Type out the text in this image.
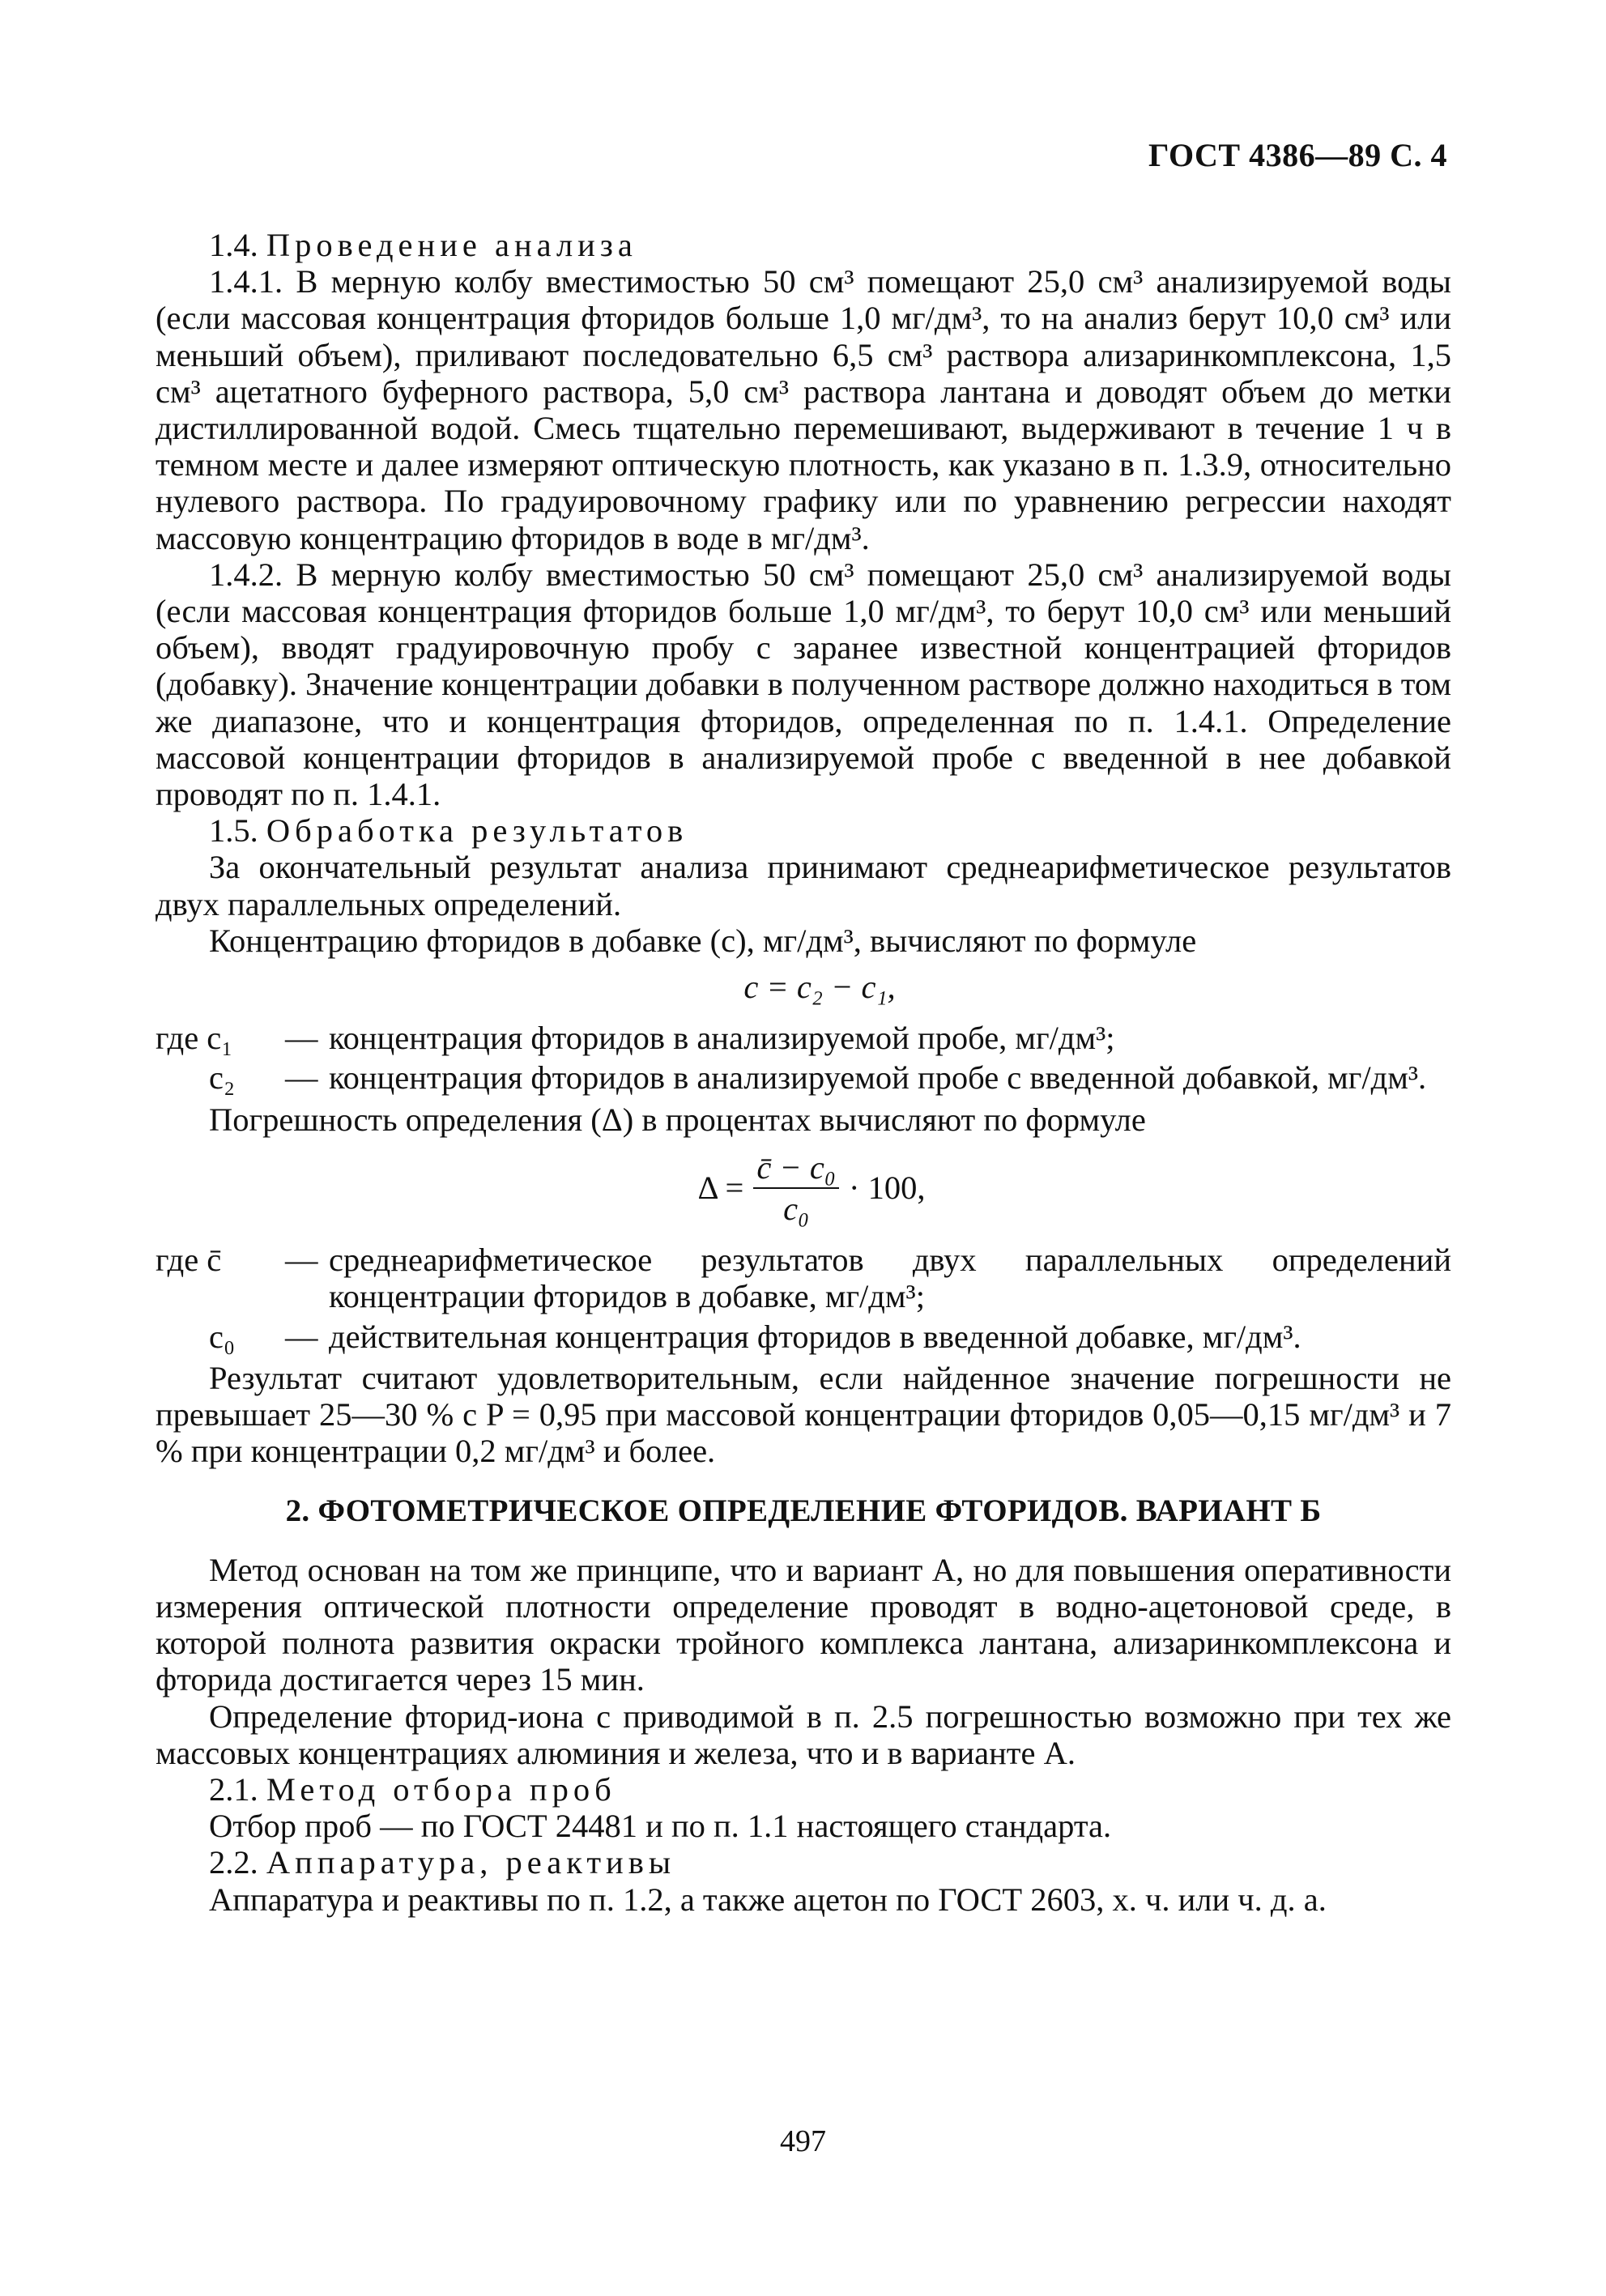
ГОСТ 4386—89 С. 4

1.4. Проведение анализа

1.4.1. В мерную колбу вместимостью 50 см³ помещают 25,0 см³ анализируемой воды (если массовая концентрация фторидов больше 1,0 мг/дм³, то на анализ берут 10,0 см³ или меньший объем), приливают последовательно 6,5 см³ раствора ализаринкомплексона, 1,5 см³ ацетатного буферного раствора, 5,0 см³ раствора лантана и доводят объем до метки дистиллированной водой. Смесь тщательно перемешивают, выдерживают в течение 1 ч в темном месте и далее измеряют оптическую плотность, как указано в п. 1.3.9, относительно нулевого раствора. По градуировочному графику или по уравнению регрессии находят массовую концентрацию фторидов в воде в мг/дм³.

1.4.2. В мерную колбу вместимостью 50 см³ помещают 25,0 см³ анализируемой воды (если массовая концентрация фторидов больше 1,0 мг/дм³, то берут 10,0 см³ или меньший объем), вводят градуировочную пробу с заранее известной концентрацией фторидов (добавку). Значение концентрации добавки в полученном растворе должно находиться в том же диапазоне, что и концентрация фторидов, определенная по п. 1.4.1. Определение массовой концентрации фторидов в анализируемой пробе с введенной в нее добавкой проводят по п. 1.4.1.

1.5. Обработка результатов

За окончательный результат анализа принимают среднеарифметическое результатов двух параллельных определений.

Концентрацию фторидов в добавке (c), мг/дм³, вычисляют по формуле

c = c₂ − c₁,
где c₁	— концентрация фторидов в анализируемой пробе, мг/дм³;
c₂	— концентрация фторидов в анализируемой пробе с введенной добавкой, мг/дм³.

Погрешность определения (Δ) в процентах вычисляют по формуле

$\Delta = \frac{\text{c̄ − c₀}}{\text{c₀}} \cdot 100$,
где c̄	— среднеарифметическое результатов двух параллельных определений концентрации фторидов в добавке, мг/дм³;
c₀	— действительная концентрация фторидов в введенной добавке, мг/дм³.

Результат считают удовлетворительным, если найденное значение погрешности не превышает 25—30 % с P = 0,95 при массовой концентрации фторидов 0,05—0,15 мг/дм³ и 7 % при концентрации 0,2 мг/дм³ и более.

2. ФОТОМЕТРИЧЕСКОЕ ОПРЕДЕЛЕНИЕ ФТОРИДОВ. ВАРИАНТ Б

Метод основан на том же принципе, что и вариант А, но для повышения оперативности измерения оптической плотности определение проводят в водно-ацетоновой среде, в которой полнота развития окраски тройного комплекса лантана, ализаринкомплексона и фторида достигается через 15 мин.

Определение фторид-иона с приводимой в п. 2.5 погрешностью возможно при тех же массовых концентрациях алюминия и железа, что и в варианте А.

2.1. Метод отбора проб

Отбор проб — по ГОСТ 24481 и по п. 1.1 настоящего стандарта.

2.2. Аппаратура, реактивы

Аппаратура и реактивы по п. 1.2, а также ацетон по ГОСТ 2603, х. ч. или ч. д. а.

497
